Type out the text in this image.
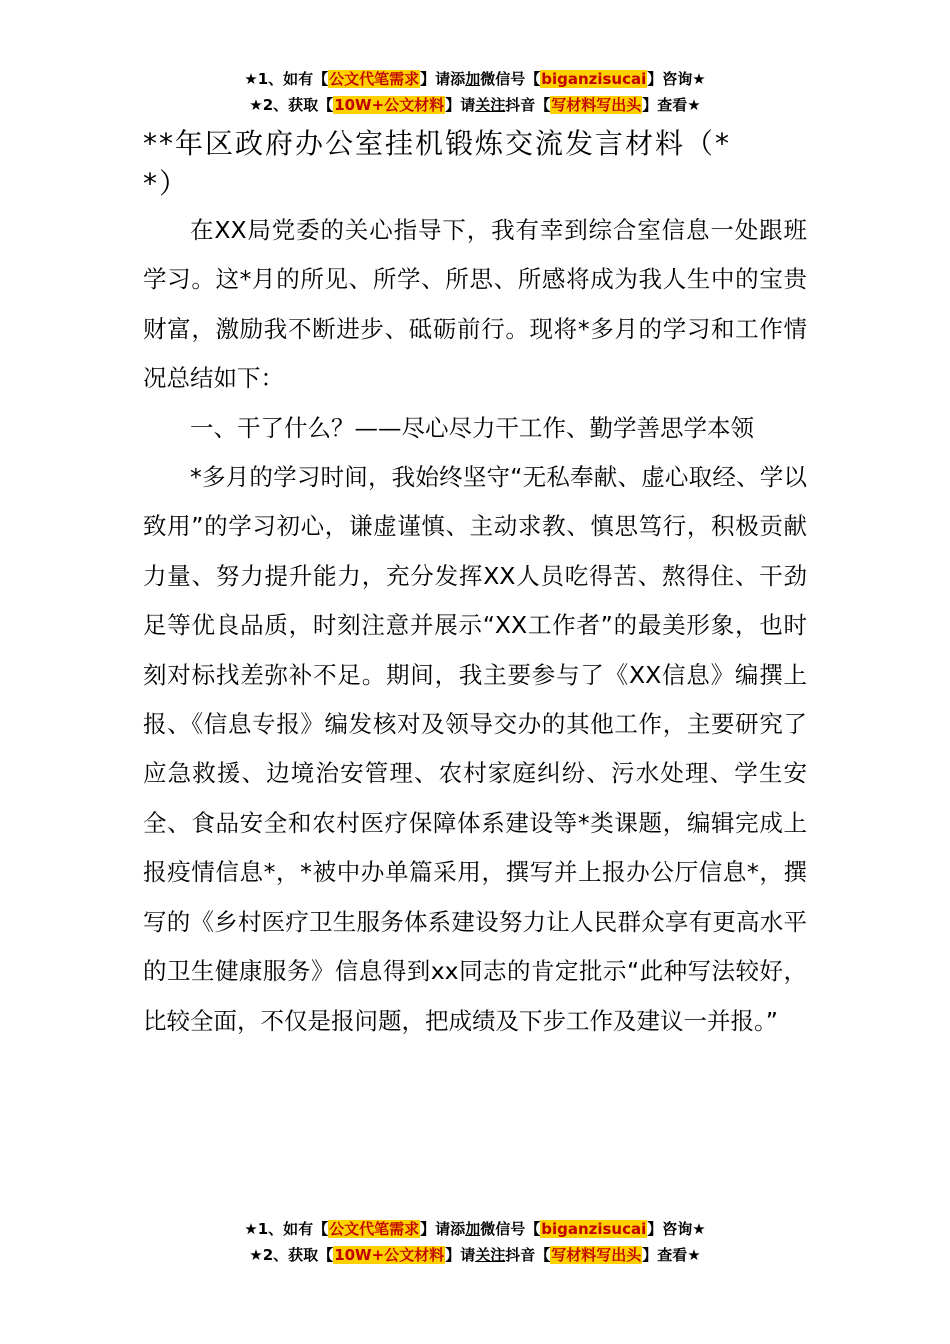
★1、如有【公文代笔需求】请添加微信号【biganzisucai】咨询★
★2、获取【10W+公文材料】请关注抖音【写材料写出头】查看★
**年区政府办公室挂机锻炼交流发言材料（*
*）

在XX局党委的关心指导下，我有幸到综合室信息一处跟班学习。这*月的所见、所学、所思、所感将成为我人生中的宝贵财富，激励我不断进步、砥砺前行。现将*多月的学习和工作情况总结如下：

一、干了什么？——尽心尽力干工作、勤学善思学本领

*多月的学习时间，我始终坚守“无私奉献、虚心取经、学以致用”的学习初心，谦虚谨慎、主动求教、慎思笃行，积极贡献力量、努力提升能力，充分发挥XX人员吃得苦、熬得住、干劲足等优良品质，时刻注意并展示“XX工作者”的最美形象，也时刻对标找差弥补不足。期间，我主要参与了《XX信息》编撰上报、《信息专报》编发核对及领导交办的其他工作，主要研究了应急救援、边境治安管理、农村家庭纠纷、污水处理、学生安全、食品安全和农村医疗保障体系建设等*类课题，编辑完成上报疫情信息*，*被中办单篇采用，撰写并上报办公厅信息*，撰写的《乡村医疗卫生服务体系建设努力让人民群众享有更高水平的卫生健康服务》信息得到xx同志的肯定批示“此种写法较好，比较全面，不仅是报问题，把成绩及下步工作及建议一并报。”

★1、如有【公文代笔需求】请添加微信号【biganzisucai】咨询★
★2、获取【10W+公文材料】请关注抖音【写材料写出头】查看★
